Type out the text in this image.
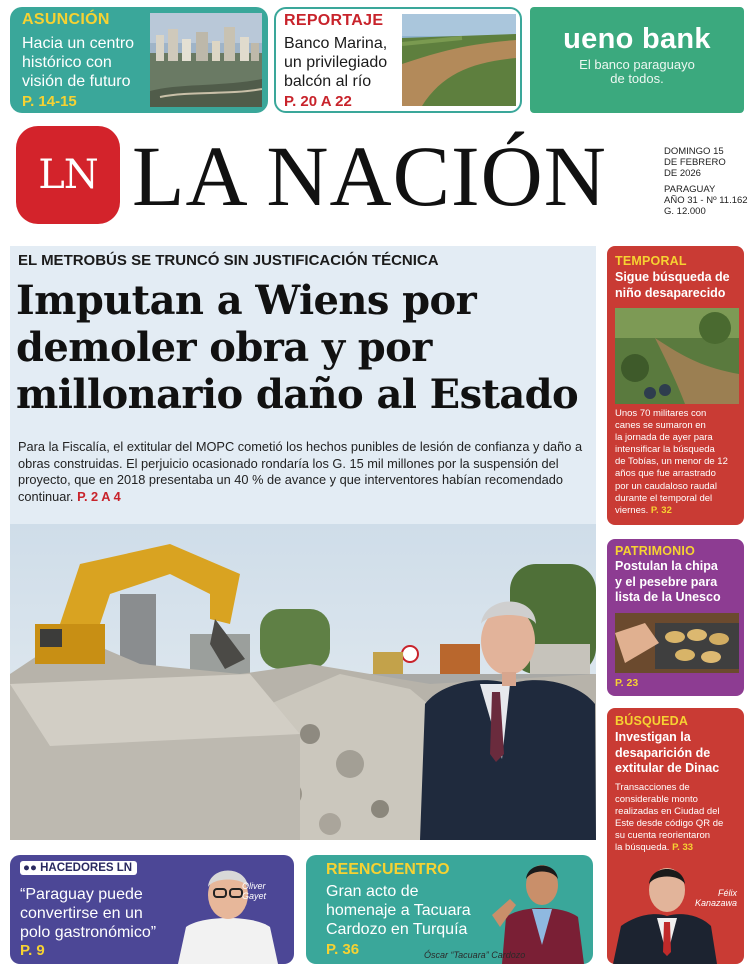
ASUNCIÓN
Hacia un centro
histórico con
visión de futuro
P. 14-15
REPORTAJE
Banco Marina,
un privilegiado
balcón al río
P. 20 A 22
ueno bank
El banco paraguayo
de todos.
LN LA NACIÓN	DOMINGO 15
DE FEBRERO
DE 2026
PARAGUAY
AÑO 31 - Nº 11.162
G. 12.000
EL METROBÚS SE TRUNCÓ SIN JUSTIFICACIÓN TÉCNICA
Imputan a Wiens por
demoler obra y por
millonario daño al Estado
Para la Fiscalía, el extitular del MOPC cometió los hechos punibles de lesión de confianza y daño a obras construidas. El perjuicio ocasionado rondaría los G. 15 mil millones por la suspensión del proyecto, que en 2018 presentaba un 40 % de avance y que interventores habían recomendado continuar. P. 2 A 4
TEMPORAL
Sigue búsqueda de
niño desaparecido
Unos 70 militares con
canes se sumaron en
la jornada de ayer para
intensificar la búsqueda
de Tobías, un menor de 12
años que fue arrastrado
por un caudaloso raudal
durante el temporal del
viernes. P. 32
PATRIMONIO
Postulan la chipa
y el pesebre para
lista de la Unesco
P. 23
BÚSQUEDA
Investigan la
desaparición de
extitular de Dinac
Transacciones de
considerable monto
realizadas en Ciudad del
Este desde código QR de
su cuenta reorientaron
la búsqueda. P. 33
Félix
Kanazawa
●● HACEDORES LN
“Paraguay puede
convertirse en un
polo gastronómico”
P. 9
Oliver
Gayet
REENCUENTRO
Gran acto de
homenaje a Tacuara
Cardozo en Turquía
P. 36	Óscar “Tacuara” Cardozo
